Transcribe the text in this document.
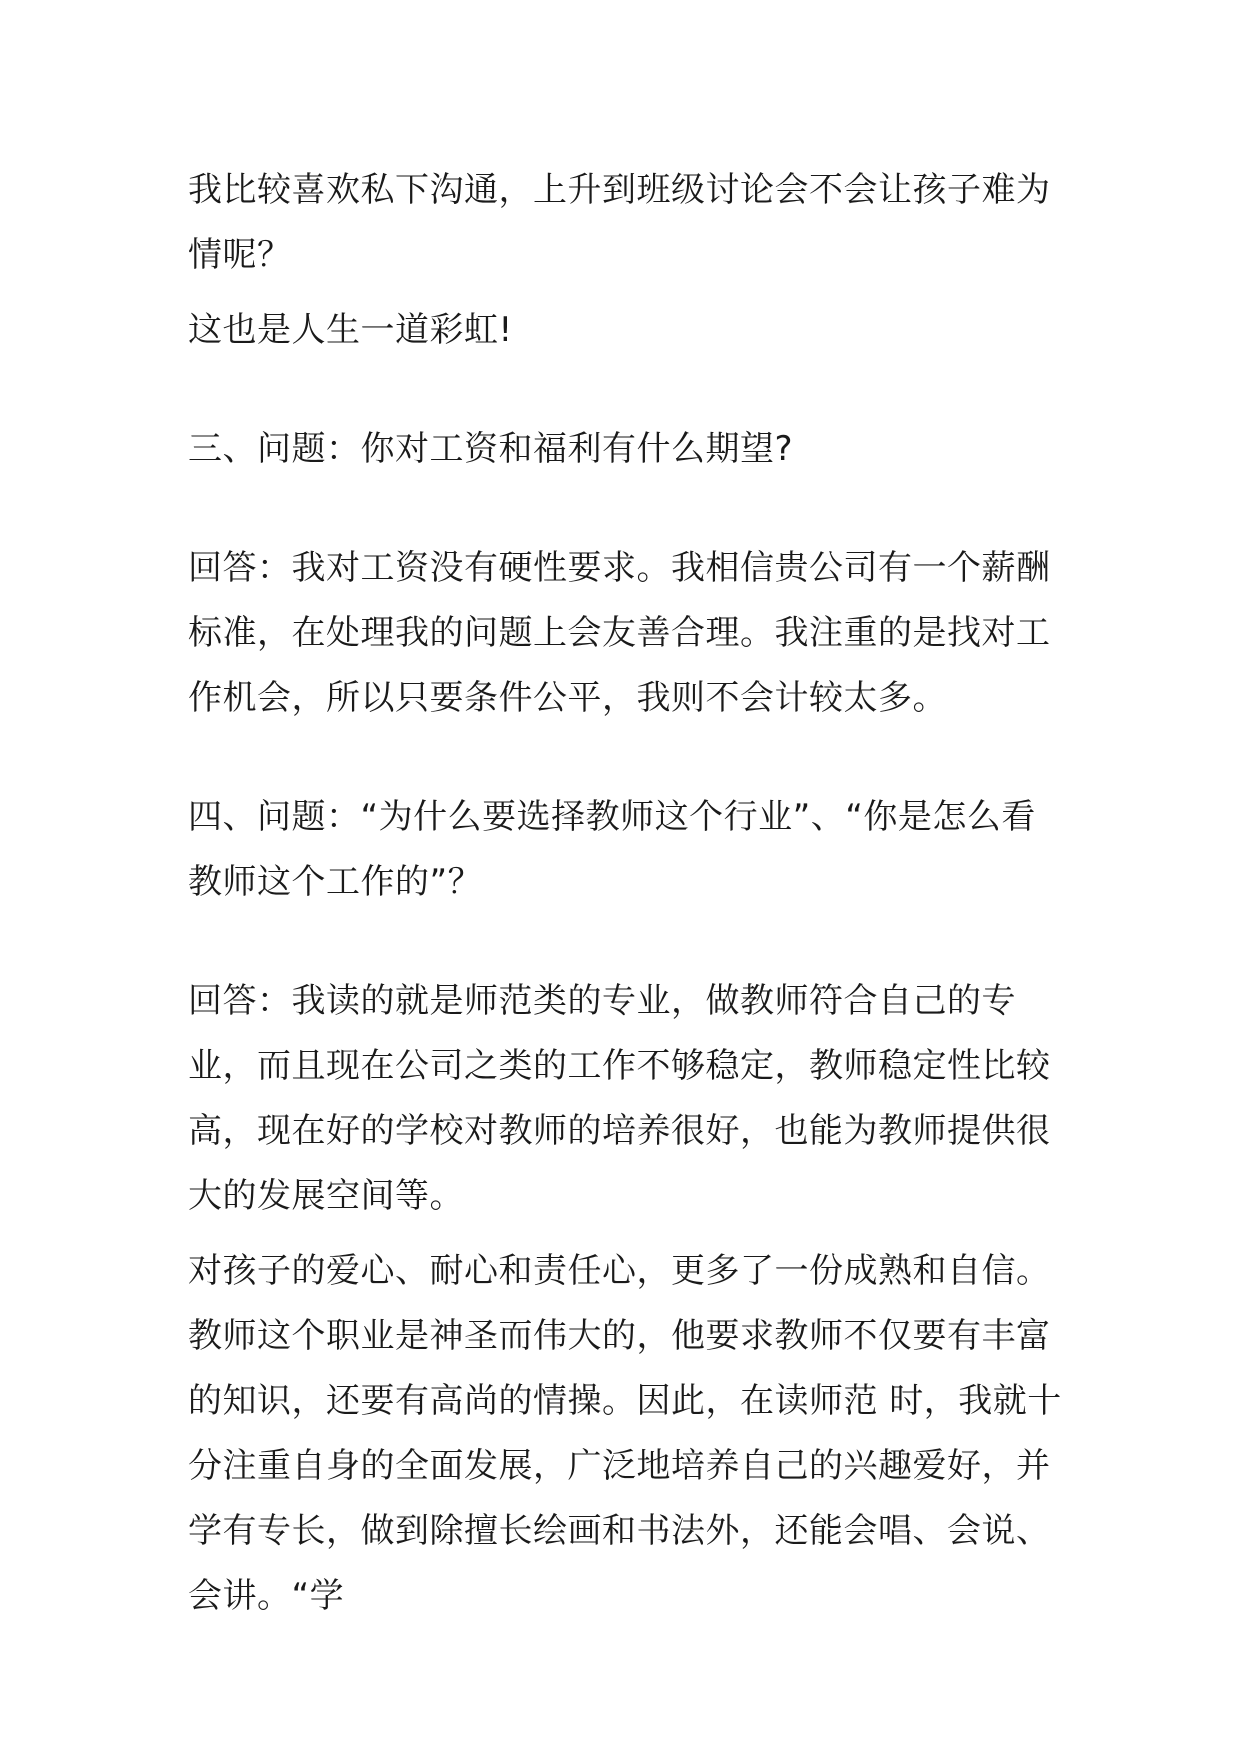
我比较喜欢私下沟通，上升到班级讨论会不会让孩子难为情呢？

这也是人生一道彩虹!

三、问题：你对工资和福利有什么期望?

回答：我对工资没有硬性要求。我相信贵公司有一个薪酬标准，在处理我的问题上会友善合理。我注重的是找对工作机会，所以只要条件公平，我则不会计较太多。

四、问题：“为什么要选择教师这个行业”、“你是怎么看教师这个工作的”？

回答：我读的就是师范类的专业，做教师符合自己的专业，而且现在公司之类的工作不够稳定，教师稳定性比较高，现在好的学校对教师的培养很好，也能为教师提供很大的发展空间等。

对孩子的爱心、耐心和责任心，更多了一份成熟和自信。教师这个职业是神圣而伟大的，他要求教师不仅要有丰富的知识，还要有高尚的情操。因此，在读师范 时，我就十分注重自身的全面发展，广泛地培养自己的兴趣爱好，并学有专长，做到除擅长绘画和书法外，还能会唱、会说、会讲。“学
